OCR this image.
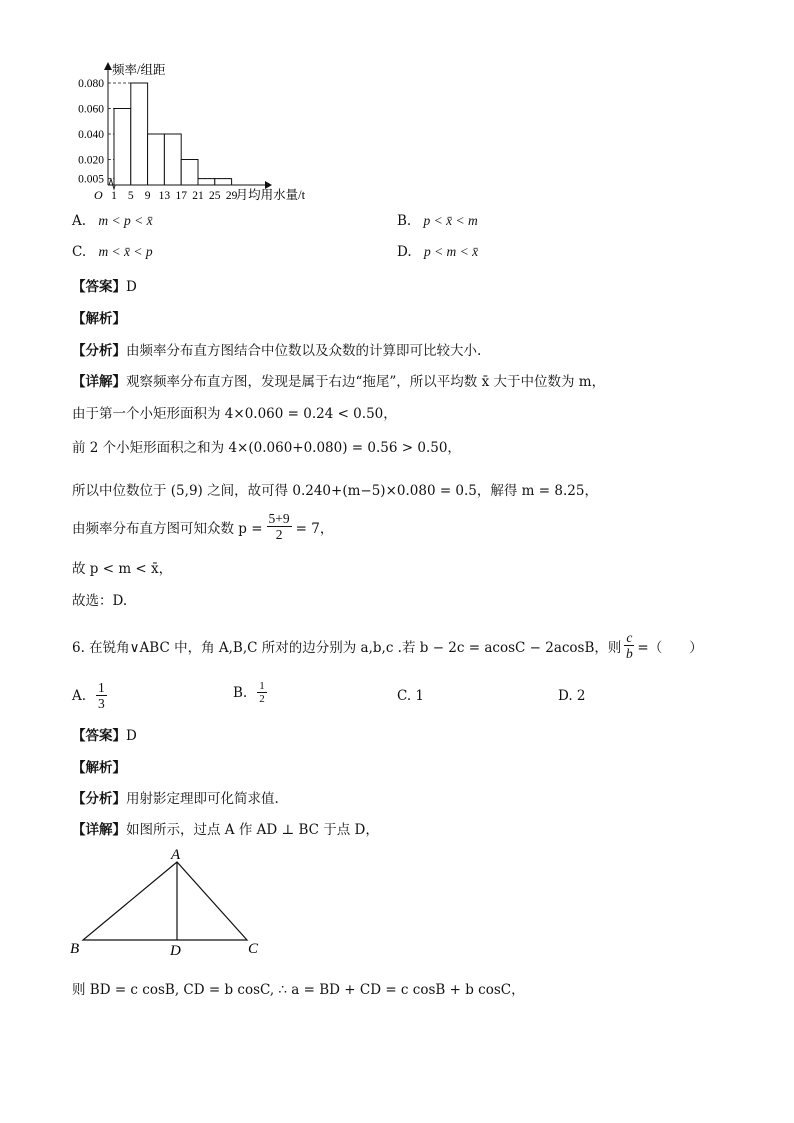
0.080
0.060
0.040
0.020
0.005
1 5 9 13 17 21 25 29
O
频率/组距
月均用水量/t
A. m < p < x̄	B. p < x̄ < m
C. m < x̄ < p	D. p < m < x̄
【答案】D
【解析】
【分析】由频率分布直方图结合中位数以及众数的计算即可比较大小.
【详解】观察频率分布直方图，发现是属于右边“拖尾”，所以平均数 x̄ 大于中位数为 m，
由于第一个小矩形面积为 4×0.060 = 0.24 < 0.50，
前 2 个小矩形面积之和为 4×(0.060+0.080) = 0.56 > 0.50，
所以中位数位于 (5,9) 之间，故可得 0.240+(m−5)×0.080 = 0.5，解得 m = 8.25，
由频率分布直方图可知众数 $p = \frac{5+9}{2} = 7$，
故 p < m < x̄，
故选：D.
6. 在锐角∨ABC 中，角 A,B,C 所对的边分别为 a,b,c .若 b − 2c = acosC − 2acosB，则 $\frac{c}{b}$ =（　　）
A. $\frac{1}{3}$	B. $\frac{1}{2}$	C. 1	D. 2
【答案】D
【解析】
【分析】用射影定理即可化简求值.
【详解】如图所示，过点 A 作 AD ⊥ BC 于点 D，
A
B	C
D
则 BD = c cosB, CD = b cosC, ∴ a = BD + CD = c cosB + b cosC，
